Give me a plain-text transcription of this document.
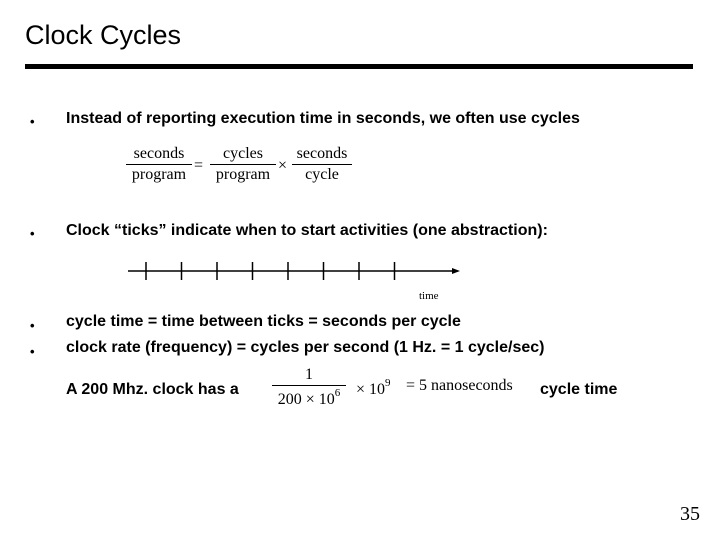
Clock Cycles
• Instead of reporting execution time in seconds, we often use cycles
seconds
program
=
cycles
program
×
seconds
cycle
• Clock “ticks” indicate when to start activities (one abstraction):
time
• cycle time = time between ticks = seconds per cycle
• clock rate (frequency) = cycles per second (1 Hz. = 1 cycle/sec)
A 200 Mhz. clock has a
1
$200 \times 10^6 \times 10^9 = 5$ nanoseconds cycle time
35
